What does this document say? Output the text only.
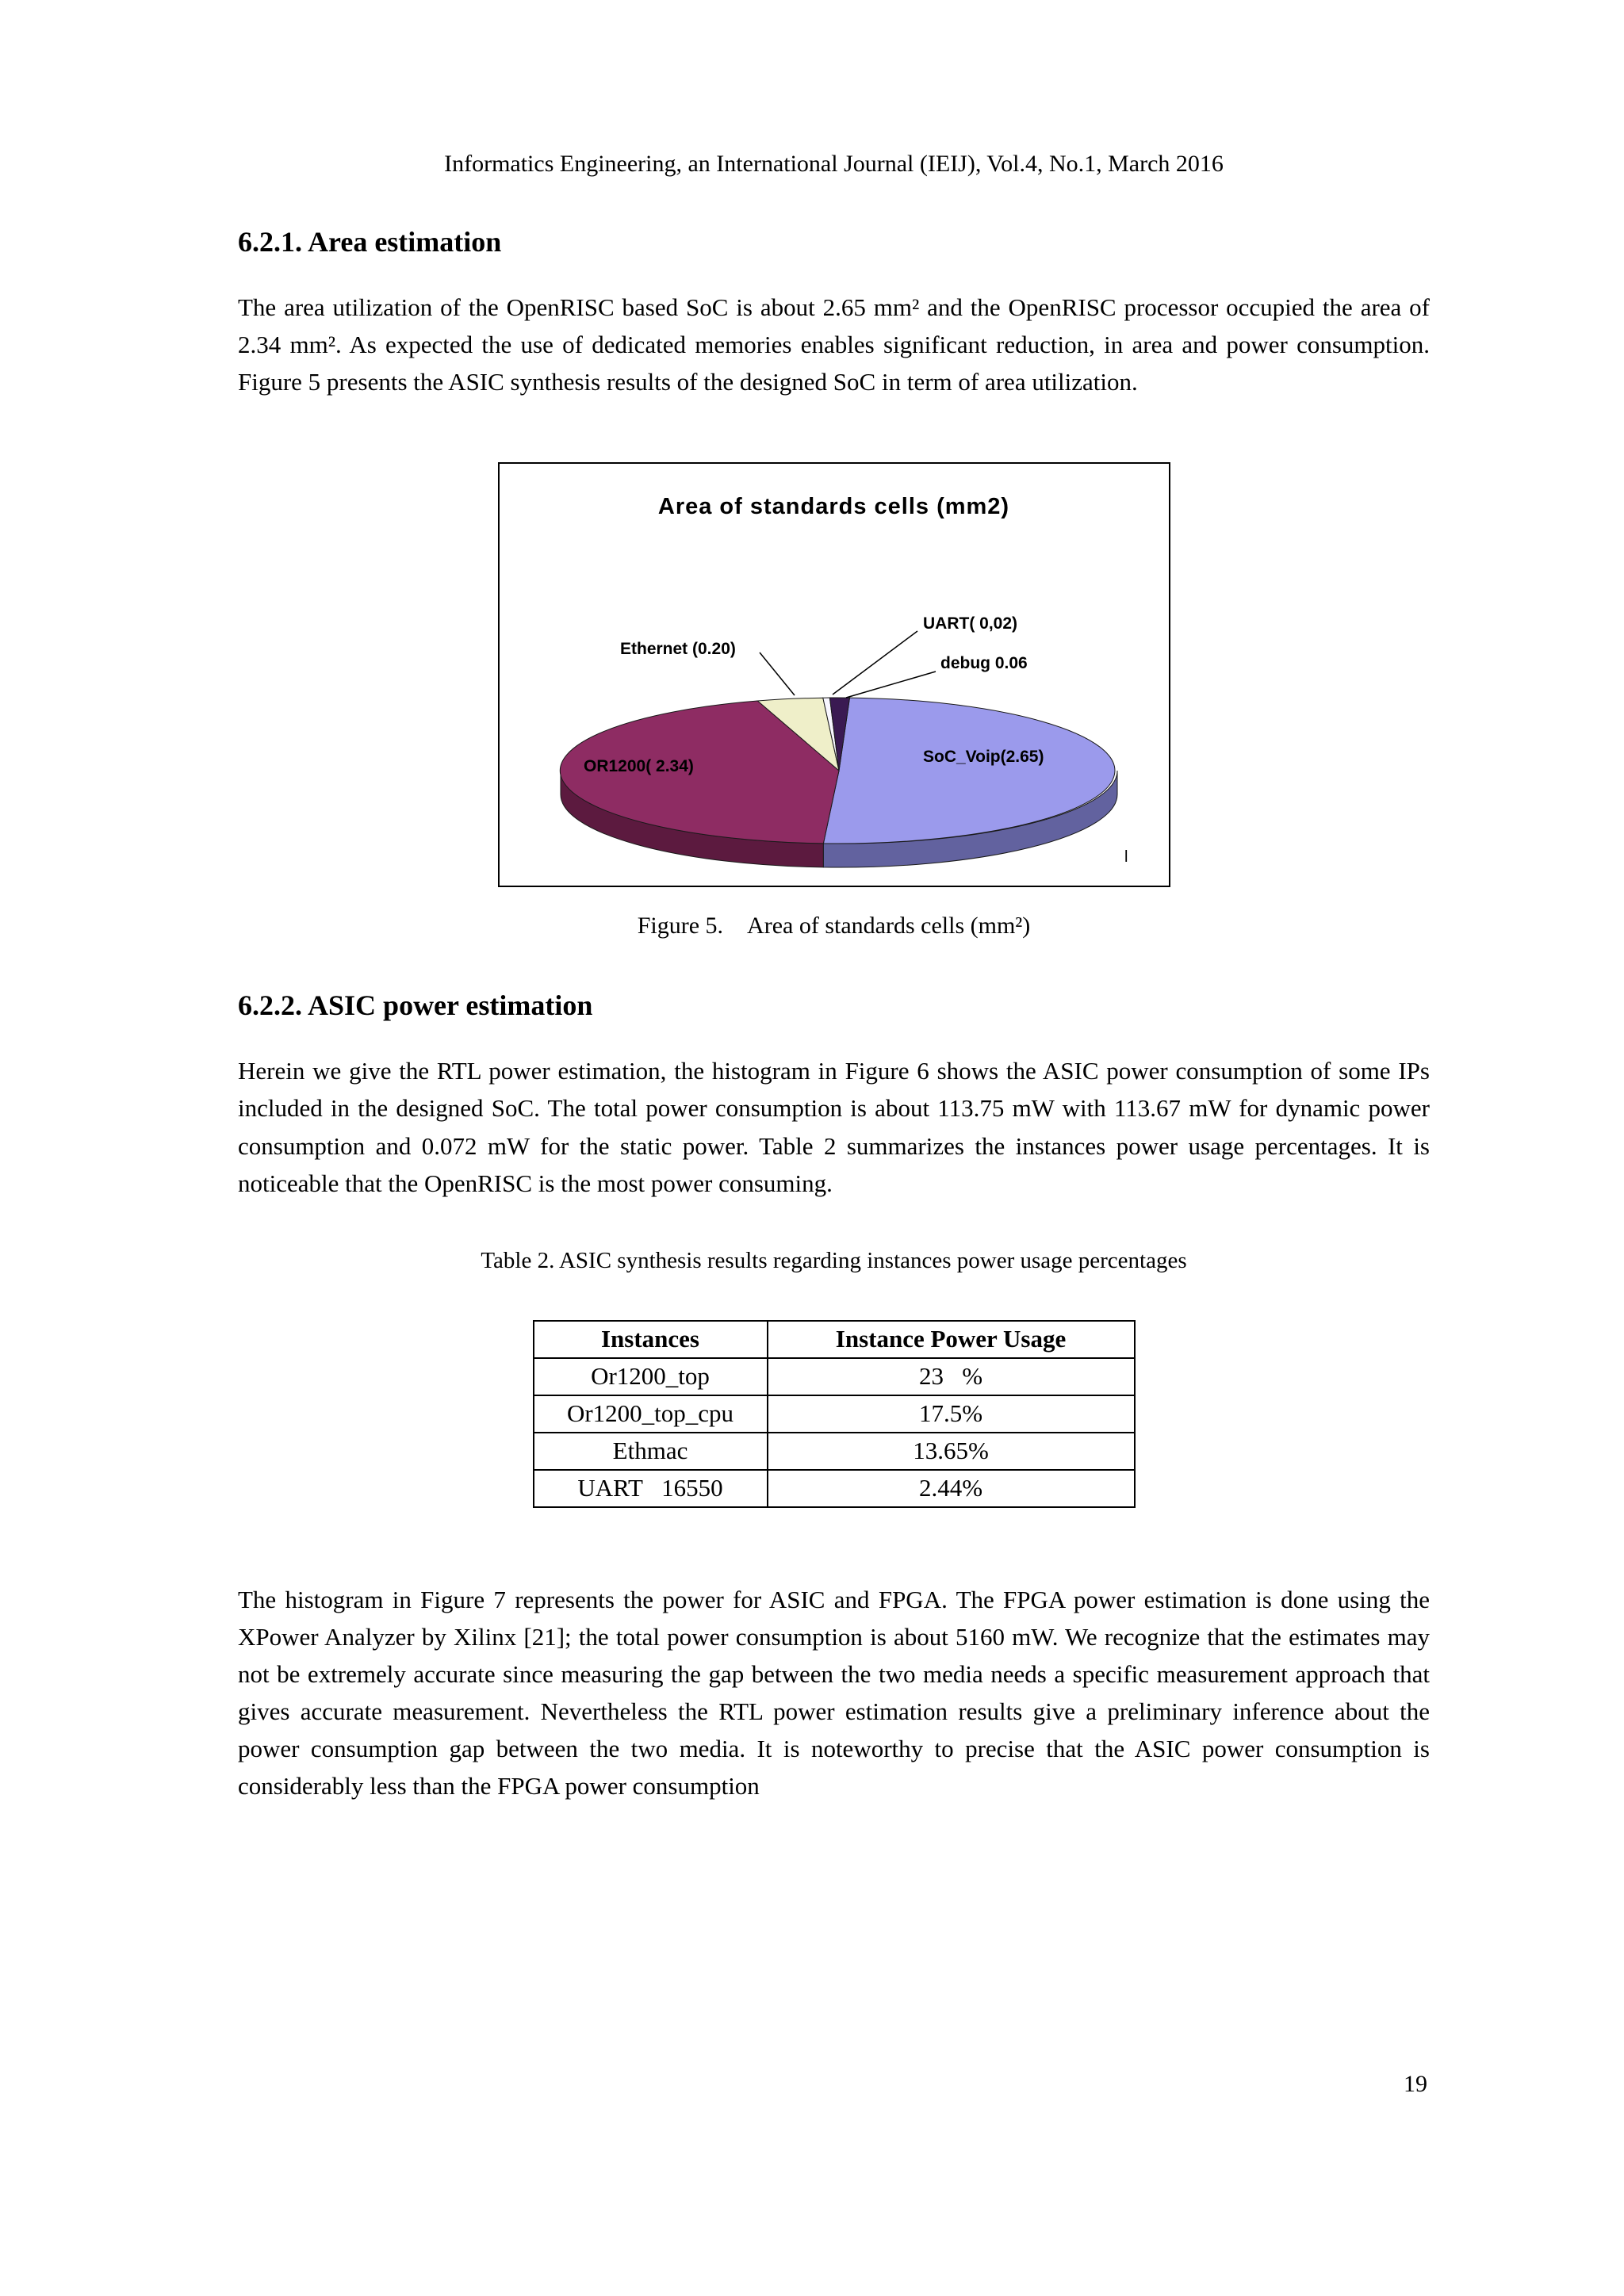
Informatics Engineering, an International Journal (IEIJ), Vol.4, No.1, March 2016
6.2.1. Area estimation

The area utilization of the OpenRISC based SoC is about 2.65 mm² and the OpenRISC processor occupied the area of 2.34 mm². As expected the use of dedicated memories enables significant reduction, in area and power consumption. Figure 5 presents the ASIC synthesis results of the designed SoC in term of area utilization.

Area of standards cells (mm2)
UART( 0,02)
debug 0.06
Ethernet (0.20)
OR1200( 2.34)
SoC_Voip(2.65)
l
Figure 5.  Area of standards cells (mm²)
6.2.2. ASIC power estimation

Herein we give the RTL power estimation, the histogram in Figure 6 shows the ASIC power consumption of some IPs included in the designed SoC. The total power consumption is about 113.75 mW with 113.67 mW for dynamic power consumption and 0.072 mW for the static power. Table 2 summarizes the instances power usage percentages. It is noticeable that the OpenRISC is the most power consuming.

Table 2. ASIC synthesis results regarding instances power usage percentages
Instances	Instance Power Usage
Or1200_top	23  %
Or1200_top_cpu	17.5%
Ethmac	13.65%
UART  16550	2.44%

The histogram in Figure 7 represents the power for ASIC and FPGA. The FPGA power estimation is done using the XPower Analyzer by Xilinx [21]; the total power consumption is about 5160 mW. We recognize that the estimates may not be extremely accurate since measuring the gap between the two media needs a specific measurement approach that gives accurate measurement. Nevertheless the RTL power estimation results give a preliminary inference about the power consumption gap between the two media. It is noteworthy to precise that the ASIC power consumption is considerably less than the FPGA power consumption

19
